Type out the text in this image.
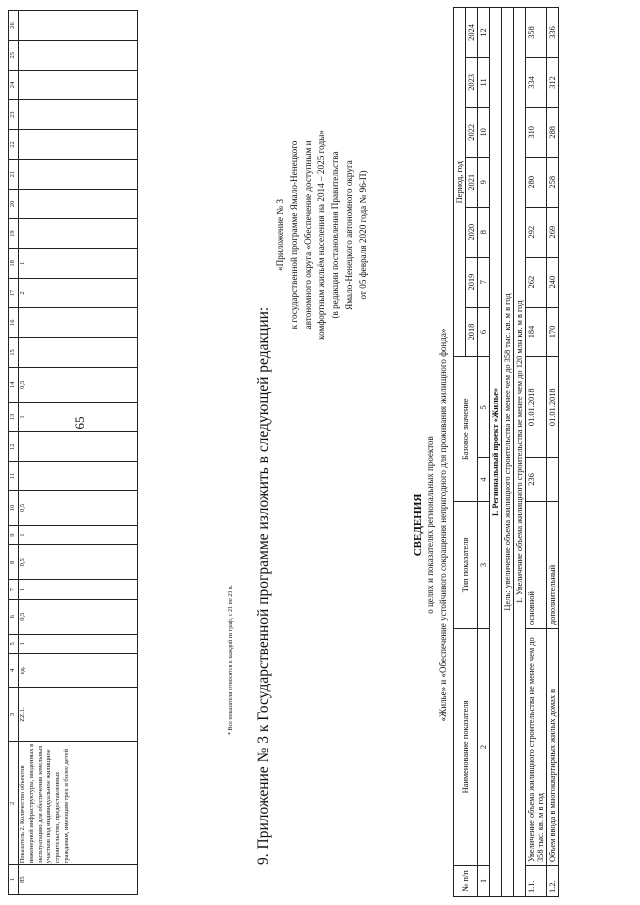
65
1	2	3	4	5	6	7	8	9	10	11	12	13	14	15	16	17	18	19	20	21	22	23	24	25	26
85	Показатель 2. Количество объектов инженерной инфраструктуры, введенных в эксплуатацию для обеспечения земельных участков под индивидуальное жилищное строительство, предоставленных гражданам, имеющим трех и более детей	ZZ.1.	ед.	1	0,5	1	0,5	1	0,5			1	0,5			2	1								
* Все показатели относятся к каждой из граф, с 21 по 23 в. 9. Приложение № 3 к Государственной программе изложить в следующей редакции:
«Приложение № 3 к государственной программе Ямало-Ненецкого автономного округа «Обеспечение доступным и комфортным жильём населения на 2014 – 2025 годы» (в редакции постановления Правительства Ямало-Ненецкого автономного округа от 05 февраля 2020 года № 96-П)
СВЕДЕНИЯ о целях и показателях региональных проектов «Жилье» и «Обеспечение устойчивого сокращения непригодного для проживания жилищного фонда»
№ п/п	Наименование показателя	Тип показателя	Базовое значение		Период, год						
					2018	2019	2020	2021	2022	2023	2024
1	2	3	4	5	6	7	8	9	10	11	12
I. Региональный проект «Жилье»											
Цель: увеличение объема жилищного строительства не менее чем до 358 тыс. кв. м в год											
1. Увеличение объема жилищного строительства не менее чем до 120 млн кв. м в год											
1.1.	Увеличение объема жилищного строительства не менее чем до 358 тыс. кв. м в год	основной	236	01.01.2018	184	262	292	280	310	334	358
1.2.	Объем ввода в многоквартирных жилых домах в	дополнительный		01.01.2018	170	240	269	258	288	312	336
